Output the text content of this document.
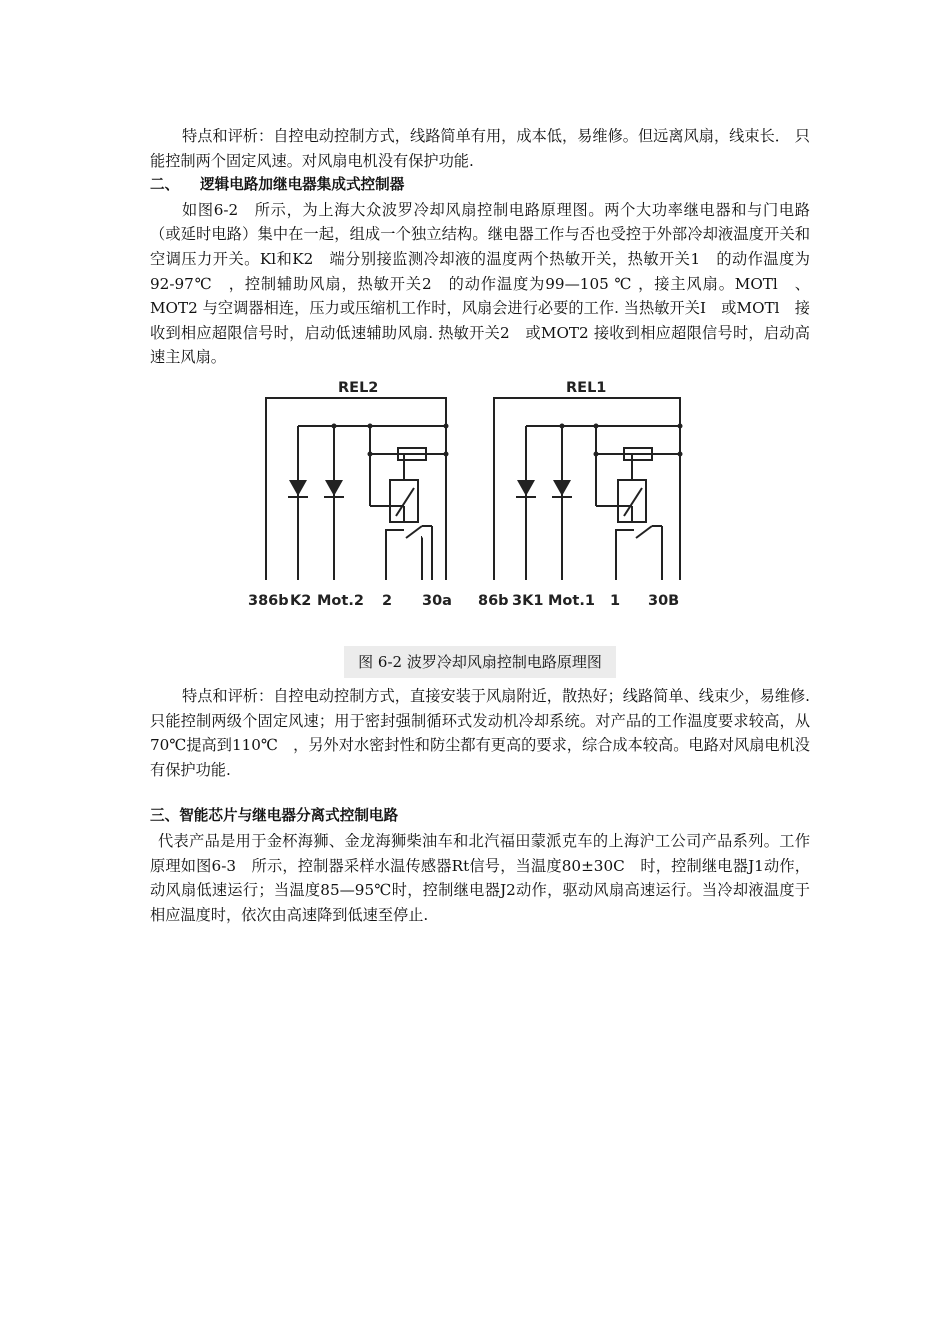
特点和评析：自控电动控制方式，线路简单有用，成本低，易维修。但远离风扇，线束长． 只能控制两个固定风速。对风扇电机没有保护功能.

二、 逻辑电路加继电器集成式控制器

如图6-2　所示，为上海大众波罗冷却风扇控制电路原理图。两个大功率继电器和与门电路（或延时电路）集中在一起，组成一个独立结构。继电器工作与否也受控于外部冷却液温度开关和空调压力开关。Kl和K2　端分别接监测冷却液的温度两个热敏开关，热敏开关1　的动作温度为92-97℃　，控制辅助风扇，热敏开关2　的动作温度为99—105 ℃ ，接主风扇。MOTl　、MOT2 与空调器相连，压力或压缩机工作时，风扇会进行必要的工作. 当热敏开关I　或MOTl　接收到相应超限信号时，启动低速辅助风扇. 热敏开关2　或MOT2 接收到相应超限信号时，启动高速主风扇。

REL2	REL1
386b K2 Mot.2 2 30a 86b 3K1 Mot.1 1 30B
图 6-2 波罗冷却风扇控制电路原理图

特点和评析：自控电动控制方式，直接安装于风扇附近，散热好；线路简单、线束少，易维修. 只能控制两级个固定风速；用于密封强制循环式发动机冷却系统。对产品的工作温度要求较高，从70℃提高到110℃　，另外对水密封性和防尘都有更高的要求，综合成本较高。电路对风扇电机没有保护功能.

三、智能芯片与继电器分离式控制电路

代表产品是用于金杯海狮、金龙海狮柴油车和北汽福田蒙派克车的上海沪工公司产品系列。工作原理如图6-3　所示，控制器采样水温传感器Rt信号，当温度80±30C　时，控制继电器J1动作，动风扇低速运行；当温度85—95℃时，控制继电器J2动作，驱动风扇高速运行。当冷却液温度于相应温度时，依次由高速降到低速至停止.
